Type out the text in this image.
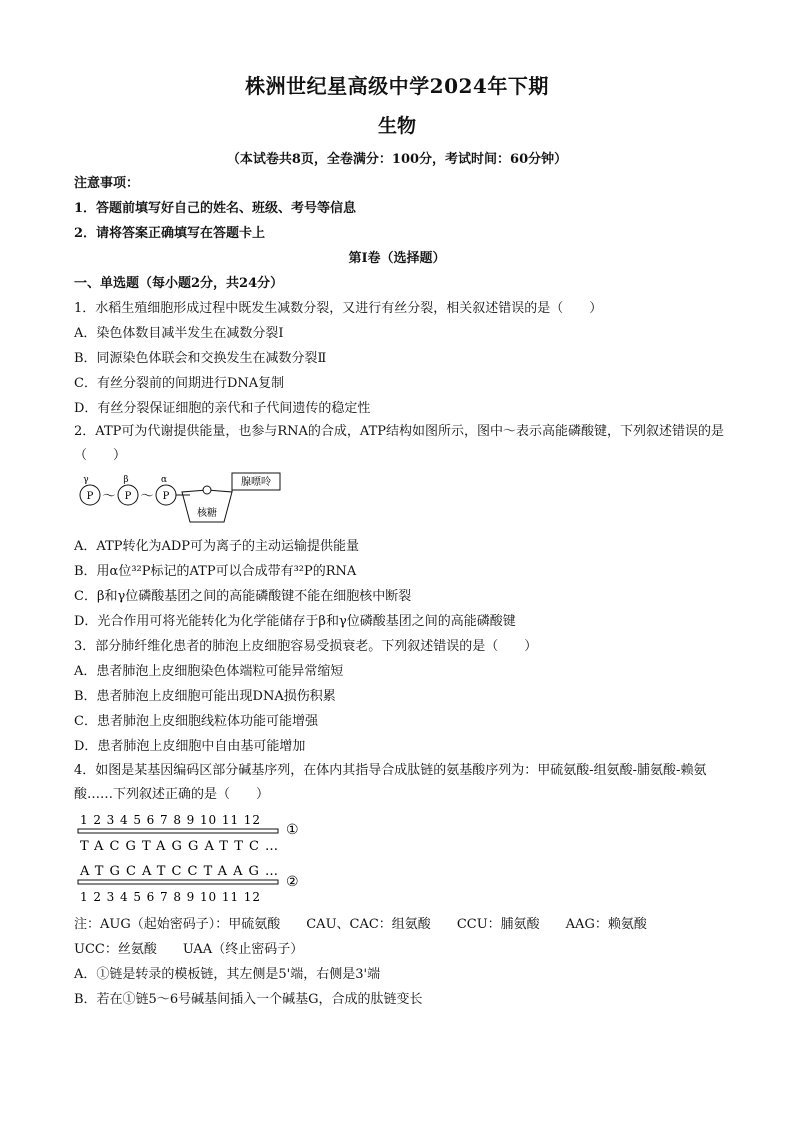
株洲世纪星高级中学2024年下期
生物
（本试卷共8页，全卷满分：100分，考试时间：60分钟）
注意事项：
1．答题前填写好自己的姓名、班级、考号等信息
2．请将答案正确填写在答题卡上
第I卷（选择题）
一、单选题（每小题2分，共24分）
1．水稻生殖细胞形成过程中既发生减数分裂，又进行有丝分裂，相关叙述错误的是（　　）
A．染色体数目减半发生在减数分裂Ⅰ
B．同源染色体联会和交换发生在减数分裂Ⅱ
C．有丝分裂前的间期进行DNA复制
D．有丝分裂保证细胞的亲代和子代间遗传的稳定性
2．ATP可为代谢提供能量，也参与RNA的合成，ATP结构如图所示，图中～表示高能磷酸键，下列叙述错误的是（　　）
γ	β	α
P ～ P ～ P
核糖
腺嘌呤
A．ATP转化为ADP可为离子的主动运输提供能量
B．用α位³²P标记的ATP可以合成带有³²P的RNA
C．β和γ位磷酸基团之间的高能磷酸键不能在细胞核中断裂
D．光合作用可将光能转化为化学能储存于β和γ位磷酸基团之间的高能磷酸键
3．部分肺纤维化患者的肺泡上皮细胞容易受损衰老。下列叙述错误的是（　　）
A．患者肺泡上皮细胞染色体端粒可能异常缩短
B．患者肺泡上皮细胞可能出现DNA损伤积累
C．患者肺泡上皮细胞线粒体功能可能增强
D．患者肺泡上皮细胞中自由基可能增加
4．如图是某基因编码区部分碱基序列，在体内其指导合成肽链的氨基酸序列为：甲硫氨酸-组氨酸-脯氨酸-赖氨酸……下列叙述正确的是（　　）
1 2 3 4 5 6 7 8 9 10 11 12
①
TACGTAGGATTC…
ATGCATCCTAAG…
②
1 2 3 4 5 6 7 8 9 10 11 12
注：AUG（起始密码子）：甲硫氨酸 CAU、CAC：组氨酸 CCU：脯氨酸 AAG：赖氨酸
UCC：丝氨酸 UAA（终止密码子）
A．①链是转录的模板链，其左侧是5'端，右侧是3'端
B．若在①链5～6号碱基间插入一个碱基G，合成的肽链变长
